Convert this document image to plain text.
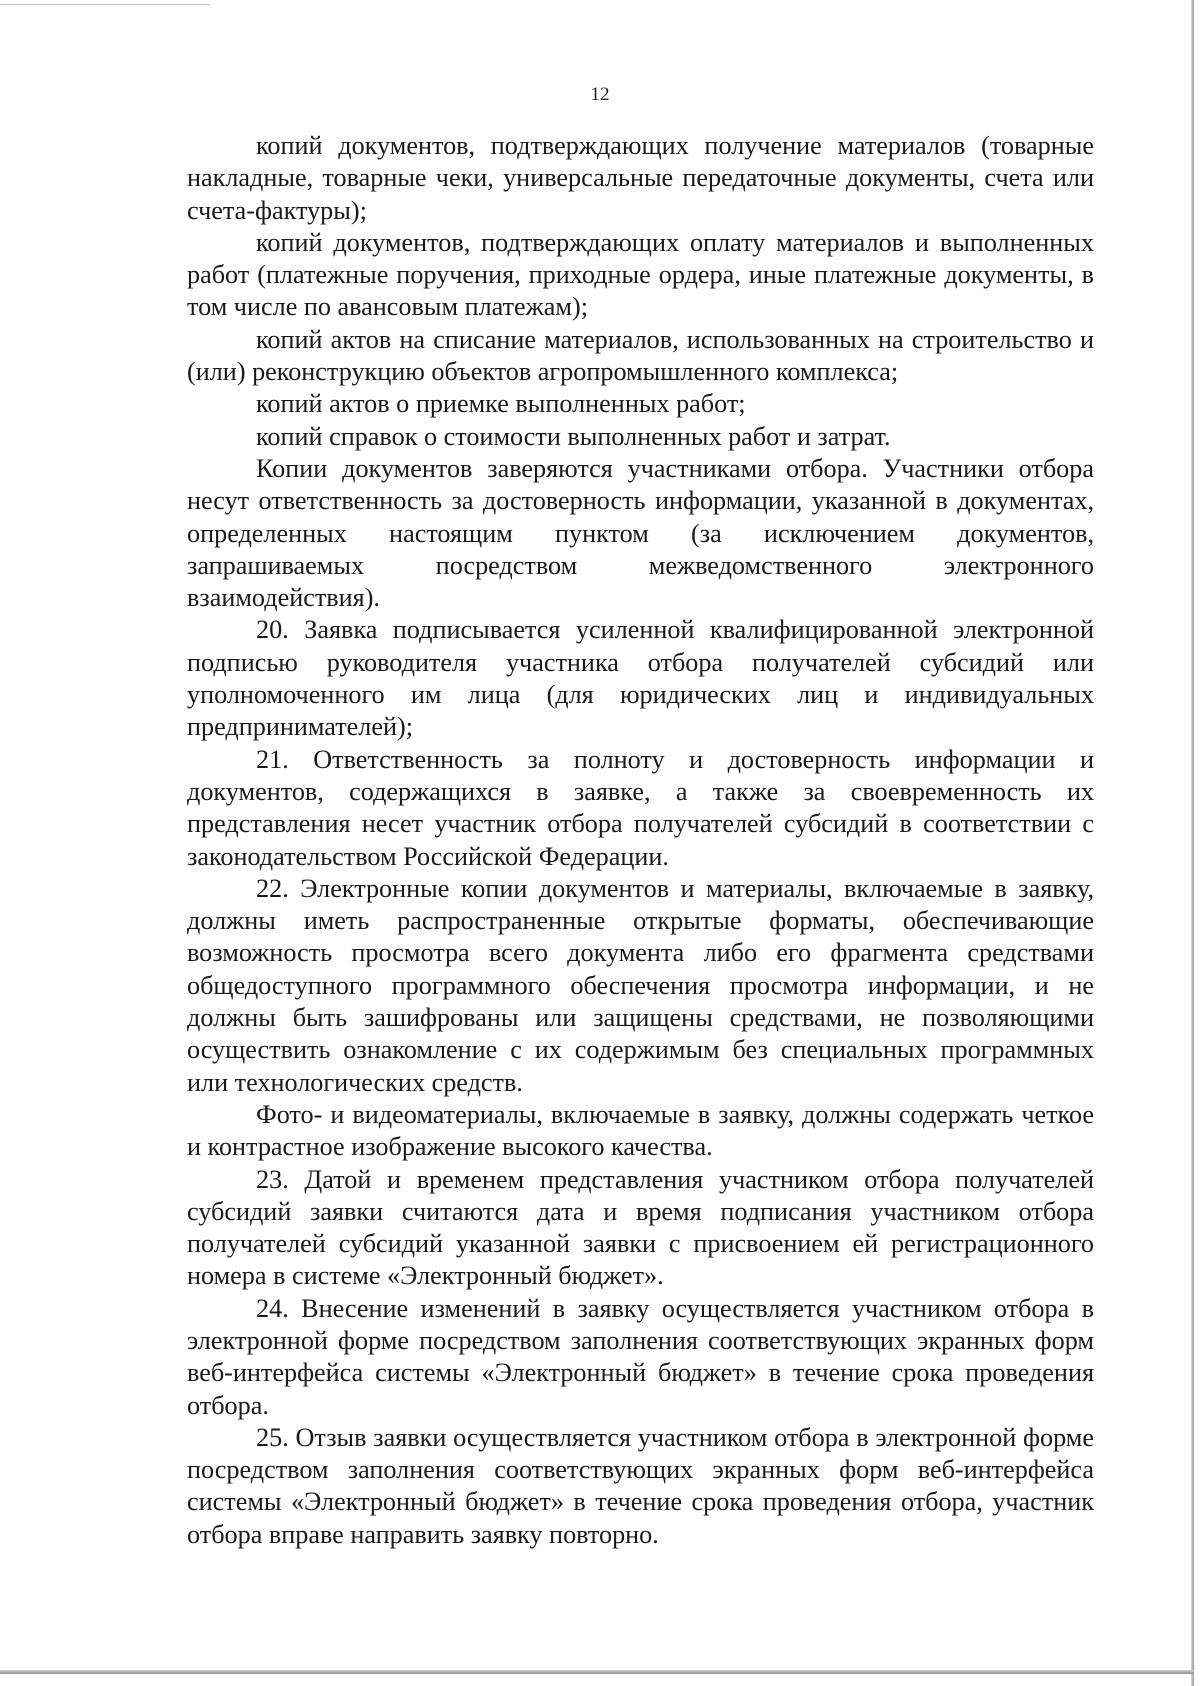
12

копий документов, подтверждающих получение материалов (товарные накладные, товарные чеки, универсальные передаточные документы, счета или счета-фактуры);

копий документов, подтверждающих оплату материалов и выполненных работ (платежные поручения, приходные ордера, иные платежные документы, в том числе по авансовым платежам);

копий актов на списание материалов, использованных на строительство и (или) реконструкцию объектов агропромышленного комплекса;

копий актов о приемке выполненных работ;

копий справок о стоимости выполненных работ и затрат.

Копии документов заверяются участниками отбора. Участники отбора несут ответственность за достоверность информации, указанной в документах, определенных настоящим пунктом (за исключением документов, запрашиваемых посредством межведомственного электронного взаимодействия).

20. Заявка подписывается усиленной квалифицированной электронной подписью руководителя участника отбора получателей субсидий или уполномоченного им лица (для юридических лиц и индивидуальных предпринимателей);

21. Ответственность за полноту и достоверность информации и документов, содержащихся в заявке, а также за своевременность их представления несет участник отбора получателей субсидий в соответствии с законодательством Российской Федерации.

22. Электронные копии документов и материалы, включаемые в заявку, должны иметь распространенные открытые форматы, обеспечивающие возможность просмотра всего документа либо его фрагмента средствами общедоступного программного обеспечения просмотра информации, и не должны быть зашифрованы или защищены средствами, не позволяющими осуществить ознакомление с их содержимым без специальных программных или технологических средств.

Фото- и видеоматериалы, включаемые в заявку, должны содержать четкое и контрастное изображение высокого качества.

23. Датой и временем представления участником отбора получателей субсидий заявки считаются дата и время подписания участником отбора получателей субсидий указанной заявки с присвоением ей регистрационного номера в системе «Электронный бюджет».

24. Внесение изменений в заявку осуществляется участником отбора в электронной форме посредством заполнения соответствующих экранных форм веб-интерфейса системы «Электронный бюджет» в течение срока проведения отбора.

25. Отзыв заявки осуществляется участником отбора в электронной форме посредством заполнения соответствующих экранных форм веб-интерфейса системы «Электронный бюджет» в течение срока проведения отбора, участник отбора вправе направить заявку повторно.
